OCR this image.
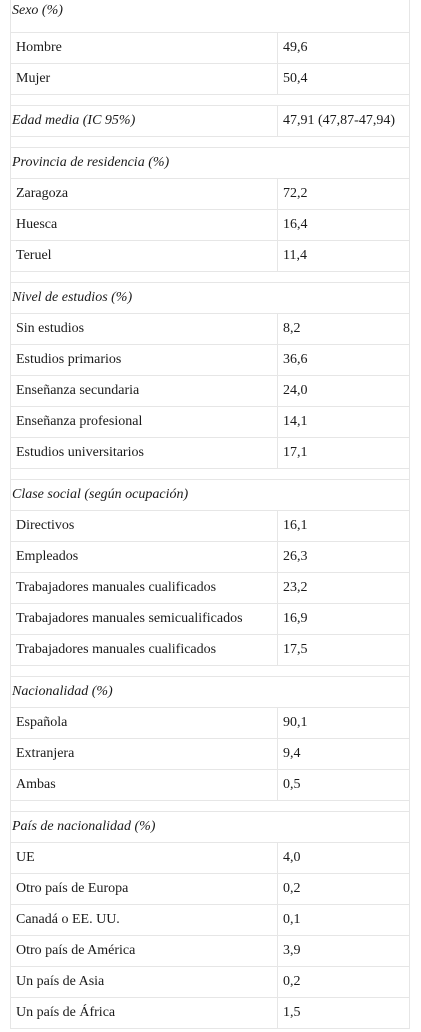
Sexo (%)
Hombre	49,6
Mujer	50,4
Edad media (IC 95%)	47,91 (47,87-47,94)
Provincia de residencia (%)
Zaragoza	72,2
Huesca	16,4
Teruel	11,4
Nivel de estudios (%)
Sin estudios	8,2
Estudios primarios	36,6
Enseñanza secundaria	24,0
Enseñanza profesional	14,1
Estudios universitarios	17,1
Clase social (según ocupación)
Directivos	16,1
Empleados	26,3
Trabajadores manuales cualificados	23,2
Trabajadores manuales semicualificados	16,9
Trabajadores manuales cualificados	17,5
Nacionalidad (%)
Española	90,1
Extranjera	9,4
Ambas	0,5
País de nacionalidad (%)
UE	4,0
Otro país de Europa	0,2
Canadá o EE. UU.	0,1
Otro país de América	3,9
Un país de Asia	0,2
Un país de África	1,5
